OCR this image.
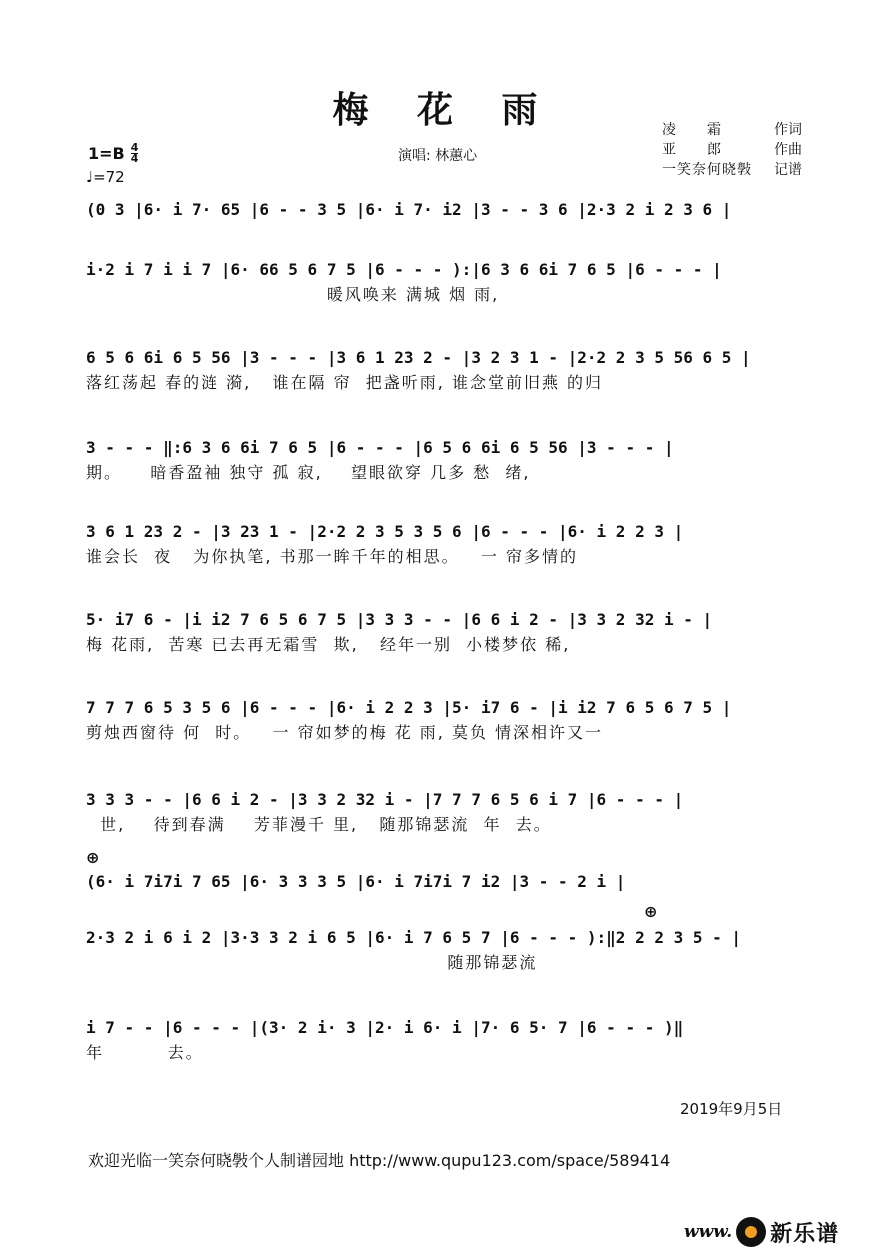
梅 花 雨	凌　　霜	作词
亚　　郎	作曲
一笑奈何晓斅 记谱
演唱: 林蕙心
1=B 4
4
♩=72
(0 3 |6· i 7· 65 |6 - - 3 5 |6· i 7· i2 |3 - - 3 6 |2·3 2 i 2 3 6 |
i·2 i 7 i i 7 |6· 66 5 6 7 5 |6 - - - ):|6 3 6 6i 7 6 5 |6 - - - |
暖风唤来 满城 烟 雨,
6 5 6 6i 6 5 56 |3 - - - |3 6 1 23 2 - |3 2 3 1 - |2·2 2 3 5 56 6 5 |
落红荡起 春的涟 漪,   谁在隔 帘  把盏听雨, 谁念堂前旧燕 的归
3 - - - ‖:6 3 6 6i 7 6 5 |6 - - - |6 5 6 6i 6 5 56 |3 - - - |
期。    暗香盈袖 独守 孤 寂,    望眼欲穿 几多 愁  绪,
3 6 1 23 2 - |3 23 1 - |2·2 2 3 5 3 5 6 |6 - - - |6· i 2 2 3 |
谁会长  夜   为你执笔, 书那一眸千年的相思。   一 帘多情的
5· i7 6 - |i i2 7 6 5 6 7 5 |3 3 3 - - |6 6 i 2 - |3 3 2 32 i - |
梅 花雨,  苦寒 已去再无霜雪  欺,   经年一别  小楼梦依 稀,
7 7 7 6 5 3 5 6 |6 - - - |6· i 2 2 3 |5· i7 6 - |i i2 7 6 5 6 7 5 |
剪烛西窗待 何  时。   一 帘如梦的梅 花 雨, 莫负 情深相许又一
3 3 3 - - |6 6 i 2 - |3 3 2 32 i - |7 7 7 6 5 6 i 7 |6 - - - |
世,    待到春满    芳菲漫千 里,   随那锦瑟流  年  去。
⊕
(6· i 7i7i 7 65 |6· 3 3 3 5 |6· i 7i7i 7 i2 |3 - - 2 i |
⊕
2·3 2 i 6 i 2 |3·3 3 2 i 6 5 |6· i 7 6 5 7 |6 - - - ):‖2 2 2 3 5 - |
随那锦瑟流
i 7 - - |6 - - - |(3· 2 i· 3 |2· i 6· i |7· 6 5· 7 |6 - - - )‖
年         去。
2019年9月5日
欢迎光临一笑奈何晓斅个人制谱园地 http://www.qupu123.com/space/589414
www. 新乐谱
